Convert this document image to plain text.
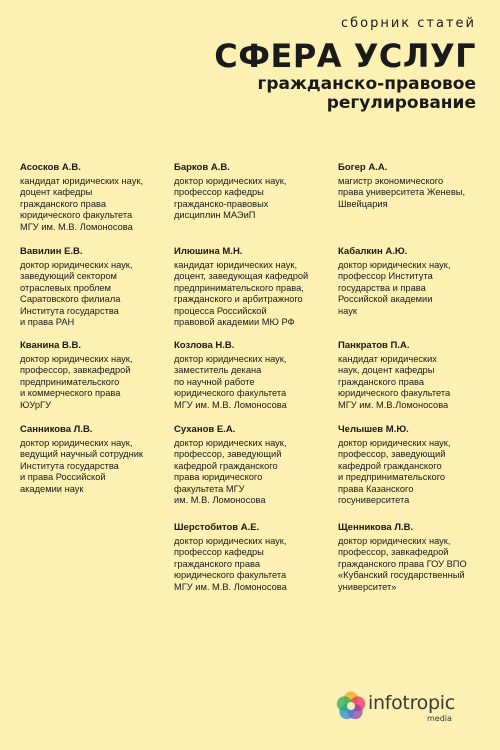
сборник статей
СФЕРА УСЛУГ
гражданско-правовое
регулирование
Асосков А.В.
кандидат юридических наук,
доцент кафедры
гражданского права
юридического факультета
МГУ им. М.В. Ломоносова
Вавилин Е.В.
доктор юридических наук,
заведующий сектором
отраслевых проблем
Саратовского филиала
Института государства
и права РАН
Кванина В.В.
доктор юридических наук,
профессор, завкафедрой
предпринимательского
и коммерческого права
ЮУрГУ
Санникова Л.В.
доктор юридических наук,
ведущий научный сотрудник
Института государства
и права Российской
академии наук
Барков А.В.
доктор юридических наук,
профессор кафедры
гражданско-правовых
дисциплин МАЭиП
Илюшина М.Н.
кандидат юридических наук,
доцент, заведующая кафедрой
предпринимательского права,
гражданского и арбитражного
процесса Российской
правовой академии МЮ РФ
Козлова Н.В.
доктор юридических наук,
заместитель декана
по научной работе
юридического факультета
МГУ им. М.В. Ломоносова
Суханов Е.А.
доктор юридических наук,
профессор, заведующий
кафедрой гражданского
права юридического
факультета МГУ
им. М.В. Ломоносова
Шерстобитов А.Е.
доктор юридических наук,
профессор кафедры
гражданского права
юридического факультета
МГУ им. М.В. Ломоносова
Богер А.А.
магистр экономического
права университета Женевы,
Швейцария
Кабалкин А.Ю.
доктор юридических наук,
профессор Института
государства и права
Российской академии
наук
Панкратов П.А.
кандидат юридических
наук, доцент кафедры
гражданского права
юридического факультета
МГУ им. М.В.Ломоносова
Челышев М.Ю.
доктор юридических наук,
профессор, заведующий
кафедрой гражданского
и предпринимательского
права Казанского
госуниверситета
Щенникова Л.В.
доктор юридических наук,
профессор, завкафедрой
гражданского права ГОУ ВПО
«Кубанский государственный
университет»
infotropic
media
